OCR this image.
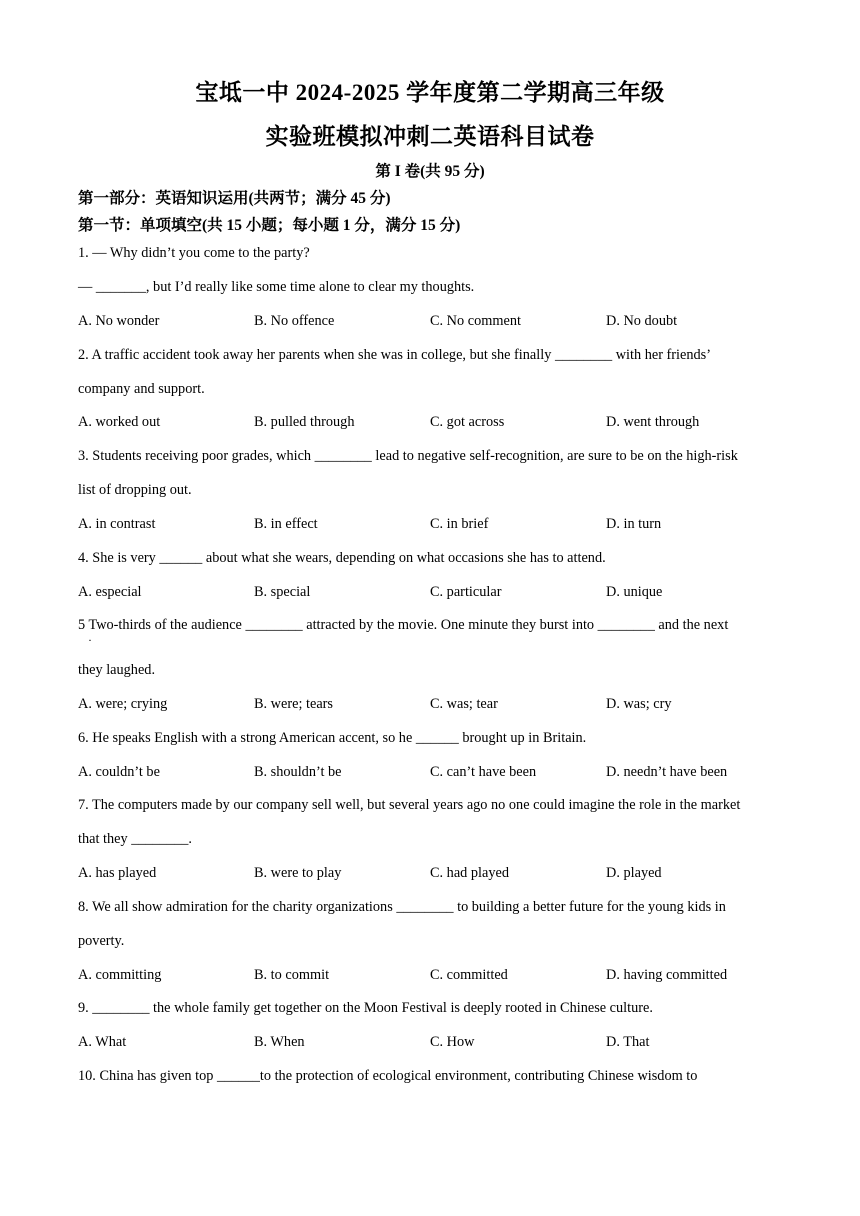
宝坻一中 2024-2025 学年度第二学期高三年级
实验班模拟冲刺二英语科目试卷
第 I 卷(共 95 分)
第一部分：英语知识运用(共两节；满分 45 分)
第一节：单项填空(共 15 小题；每小题 1 分，满分 15 分)
1. — Why didn’t you come to the party?
— _______, but I’d really like some time alone to clear my thoughts.
A. No wonder	B. No offence	C. No comment	D. No doubt
2. A traffic accident took away her parents when she was in college, but she finally ________ with her friends’
company and support.
A. worked out	B. pulled through	C. got across	D. went through
3. Students receiving poor grades, which ________ lead to negative self-recognition, are sure to be on the high-risk
list of dropping out.
A. in contrast	B. in effect	C. in brief	D. in turn
4. She is very ______ about what she wears, depending on what occasions she has to attend.
A. especial	B. special	C. particular	D. unique
5 Two-thirds of the audience ________ attracted by the movie. One minute they burst into ________ and the next
·
they laughed.
A. were; crying	B. were; tears	C. was; tear	D. was; cry
6. He speaks English with a strong American accent, so he ______ brought up in Britain.
A. couldn’t be	B. shouldn’t be	C. can’t have been	D. needn’t have been
7. The computers made by our company sell well, but several years ago no one could imagine the role in the market
that they ________.
A. has played	B. were to play	C. had played	D. played
8. We all show admiration for the charity organizations ________ to building a better future for the young kids in
poverty.
A. committing	B. to commit	C. committed	D. having committed
9. ________ the whole family get together on the Moon Festival is deeply rooted in Chinese culture.
A. What	B. When	C. How	D. That
10. China has given top ______to the protection of ecological environment, contributing Chinese wisdom to
